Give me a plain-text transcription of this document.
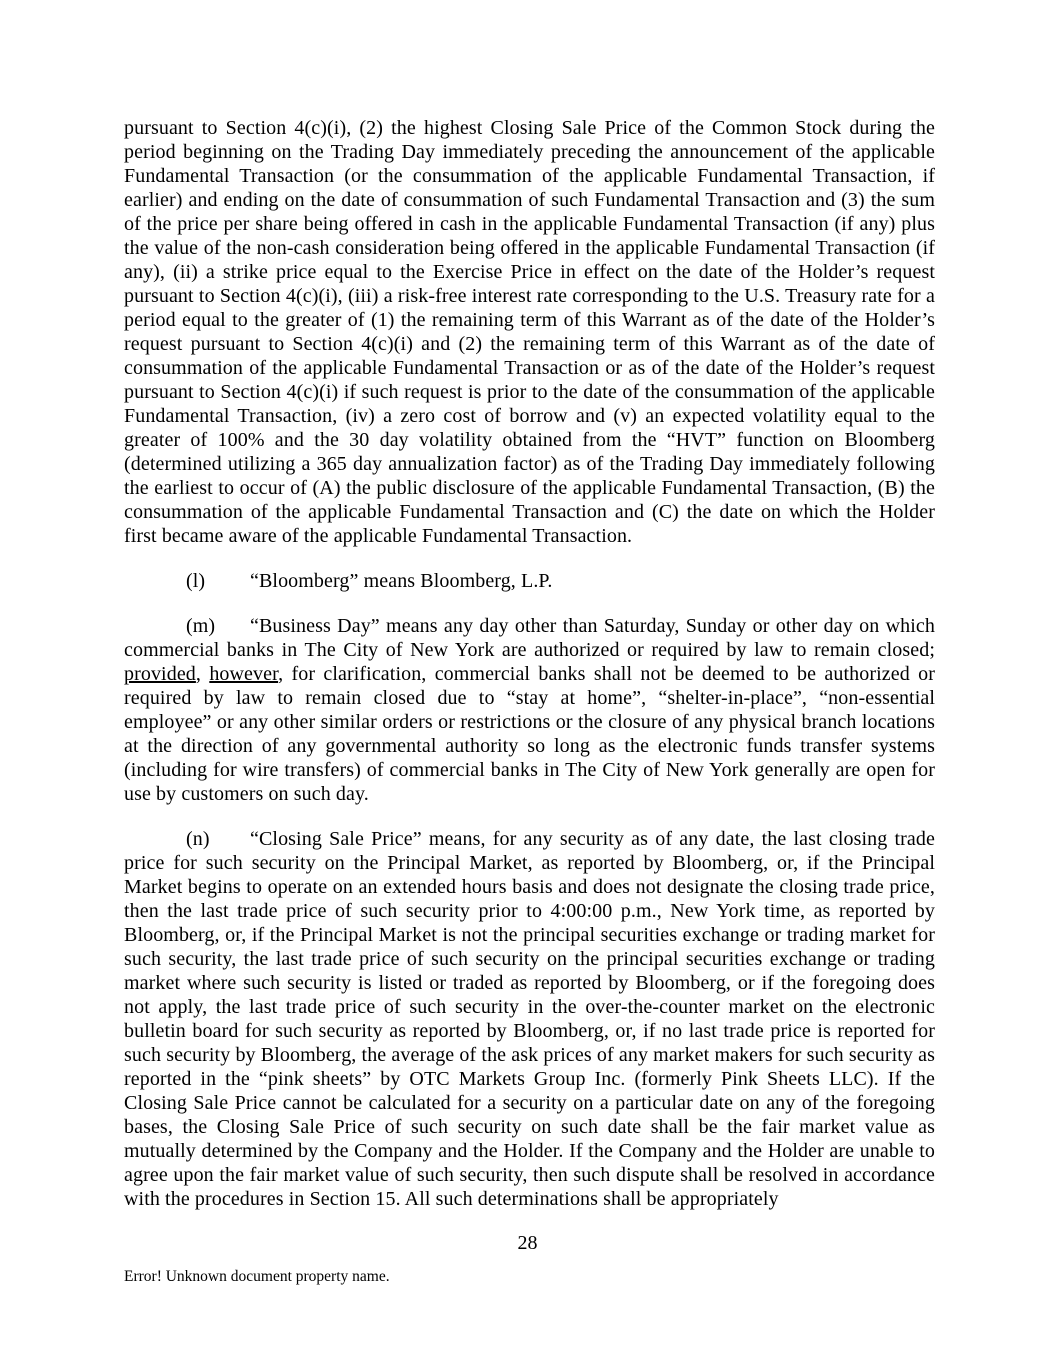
pursuant to Section 4(c)(i), (2) the highest Closing Sale Price of the Common Stock during the period beginning on the Trading Day immediately preceding the announcement of the applicable Fundamental Transaction (or the consummation of the applicable Fundamental Transaction, if earlier) and ending on the date of consummation of such Fundamental Transaction and (3) the sum of the price per share being offered in cash in the applicable Fundamental Transaction (if any) plus the value of the non-cash consideration being offered in the applicable Fundamental Transaction (if any), (ii) a strike price equal to the Exercise Price in effect on the date of the Holder’s request pursuant to Section 4(c)(i), (iii) a risk-free interest rate corresponding to the U.S. Treasury rate for a period equal to the greater of (1) the remaining term of this Warrant as of the date of the Holder’s request pursuant to Section 4(c)(i) and (2) the remaining term of this Warrant as of the date of consummation of the applicable Fundamental Transaction or as of the date of the Holder’s request pursuant to Section 4(c)(i) if such request is prior to the date of the consummation of the applicable Fundamental Transaction, (iv) a zero cost of borrow and (v) an expected volatility equal to the greater of 100% and the 30 day volatility obtained from the “HVT” function on Bloomberg (determined utilizing a 365 day annualization factor) as of the Trading Day immediately following the earliest to occur of (A) the public disclosure of the applicable Fundamental Transaction, (B) the consummation of the applicable Fundamental Transaction and (C) the date on which the Holder first became aware of the applicable Fundamental Transaction.

(l) “Bloomberg” means Bloomberg, L.P.

(m) “Business Day” means any day other than Saturday, Sunday or other day on which commercial banks in The City of New York are authorized or required by law to remain closed; provided, however, for clarification, commercial banks shall not be deemed to be authorized or required by law to remain closed due to “stay at home”, “shelter-in-place”, “non-essential employee” or any other similar orders or restrictions or the closure of any physical branch locations at the direction of any governmental authority so long as the electronic funds transfer systems (including for wire transfers) of commercial banks in The City of New York generally are open for use by customers on such day.

(n) “Closing Sale Price” means, for any security as of any date, the last closing trade price for such security on the Principal Market, as reported by Bloomberg, or, if the Principal Market begins to operate on an extended hours basis and does not designate the closing trade price, then the last trade price of such security prior to 4:00:00 p.m., New York time, as reported by Bloomberg, or, if the Principal Market is not the principal securities exchange or trading market for such security, the last trade price of such security on the principal securities exchange or trading market where such security is listed or traded as reported by Bloomberg, or if the foregoing does not apply, the last trade price of such security in the over-the-counter market on the electronic bulletin board for such security as reported by Bloomberg, or, if no last trade price is reported for such security by Bloomberg, the average of the ask prices of any market makers for such security as reported in the “pink sheets” by OTC Markets Group Inc. (formerly Pink Sheets LLC). If the Closing Sale Price cannot be calculated for a security on a particular date on any of the foregoing bases, the Closing Sale Price of such security on such date shall be the fair market value as mutually determined by the Company and the Holder. If the Company and the Holder are unable to agree upon the fair market value of such security, then such dispute shall be resolved in accordance with the procedures in Section 15. All such determinations shall be appropriately

28
Error! Unknown document property name.
